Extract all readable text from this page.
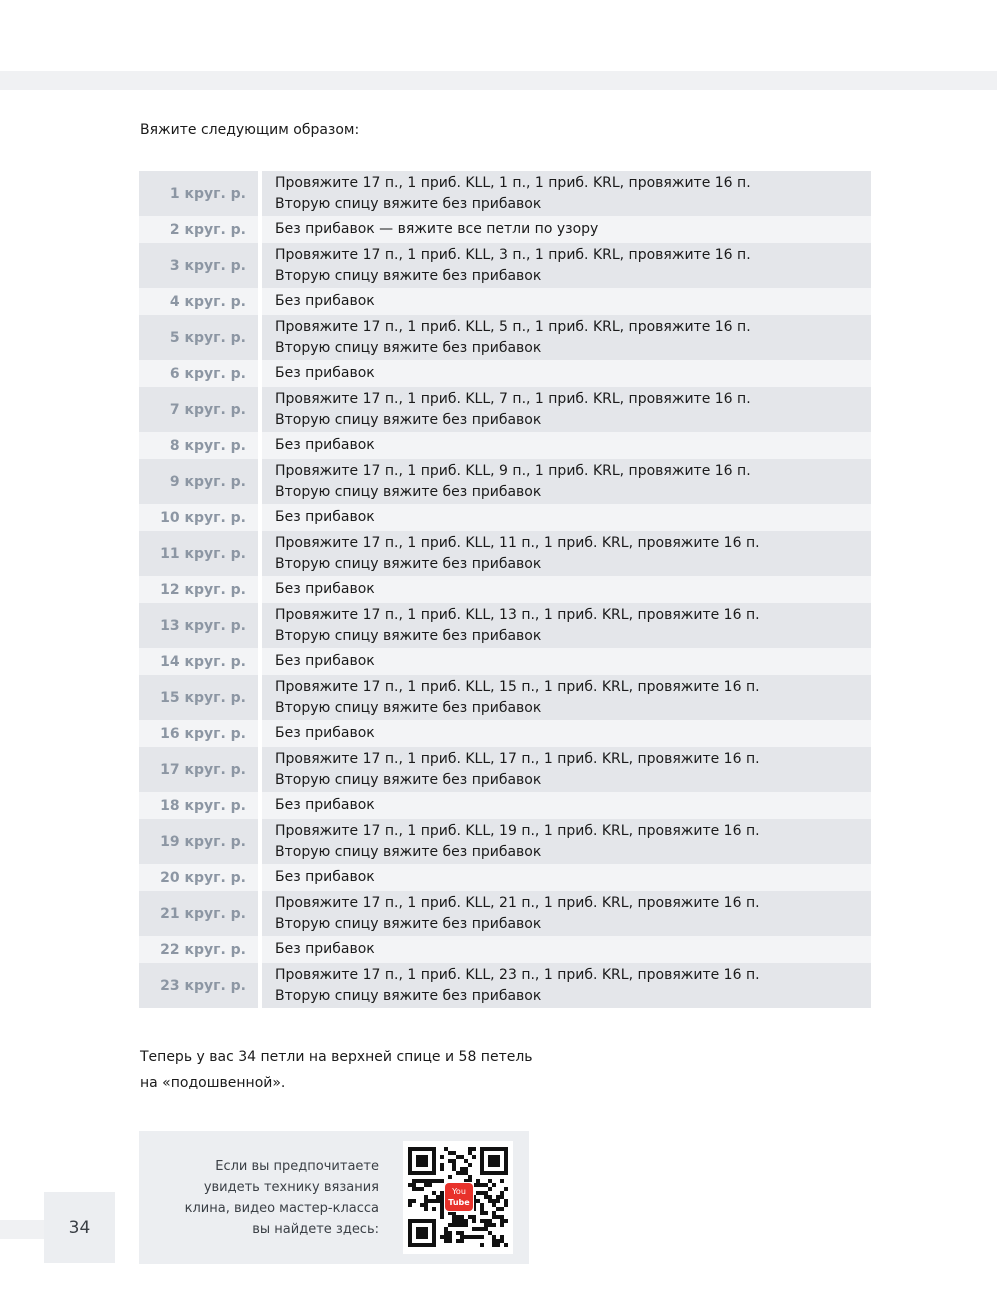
Вяжите следующим образом:
1 круг. р.	Провяжите 17 п., 1 приб. KLL, 1 п., 1 приб. KRL, провяжите 16 п.
Вторую спицу вяжите без прибавок

2 круг. р.	Без прибавок — вяжите все петли по узору

3 круг. р.	Провяжите 17 п., 1 приб. KLL, 3 п., 1 приб. KRL, провяжите 16 п.
Вторую спицу вяжите без прибавок

4 круг. р.	Без прибавок

5 круг. р.	Провяжите 17 п., 1 приб. KLL, 5 п., 1 приб. KRL, провяжите 16 п.
Вторую спицу вяжите без прибавок

6 круг. р.	Без прибавок

7 круг. р.	Провяжите 17 п., 1 приб. KLL, 7 п., 1 приб. KRL, провяжите 16 п.
Вторую спицу вяжите без прибавок

8 круг. р.	Без прибавок

9 круг. р.	Провяжите 17 п., 1 приб. KLL, 9 п., 1 приб. KRL, провяжите 16 п.
Вторую спицу вяжите без прибавок

10 круг. р.	Без прибавок

11 круг. р.	Провяжите 17 п., 1 приб. KLL, 11 п., 1 приб. KRL, провяжите 16 п.
Вторую спицу вяжите без прибавок

12 круг. р.	Без прибавок

13 круг. р.	Провяжите 17 п., 1 приб. KLL, 13 п., 1 приб. KRL, провяжите 16 п.
Вторую спицу вяжите без прибавок

14 круг. р.	Без прибавок

15 круг. р.	Провяжите 17 п., 1 приб. KLL, 15 п., 1 приб. KRL, провяжите 16 п.
Вторую спицу вяжите без прибавок

16 круг. р.	Без прибавок

17 круг. р.	Провяжите 17 п., 1 приб. KLL, 17 п., 1 приб. KRL, провяжите 16 п.
Вторую спицу вяжите без прибавок

18 круг. р.	Без прибавок

19 круг. р.	Провяжите 17 п., 1 приб. KLL, 19 п., 1 приб. KRL, провяжите 16 п.
Вторую спицу вяжите без прибавок

20 круг. р.	Без прибавок

21 круг. р.	Провяжите 17 п., 1 приб. KLL, 21 п., 1 приб. KRL, провяжите 16 п.
Вторую спицу вяжите без прибавок

22 круг. р.	Без прибавок

23 круг. р.	Провяжите 17 п., 1 приб. KLL, 23 п., 1 приб. KRL, провяжите 16 п.
Вторую спицу вяжите без прибавок
Теперь у вас 34 петли на верхней спице и 58 петель
на «подошвенной».
Если вы предпочитаете
увидеть технику вязания
клина, видео мастер-класса
вы найдете здесь:
You
Tube
34
